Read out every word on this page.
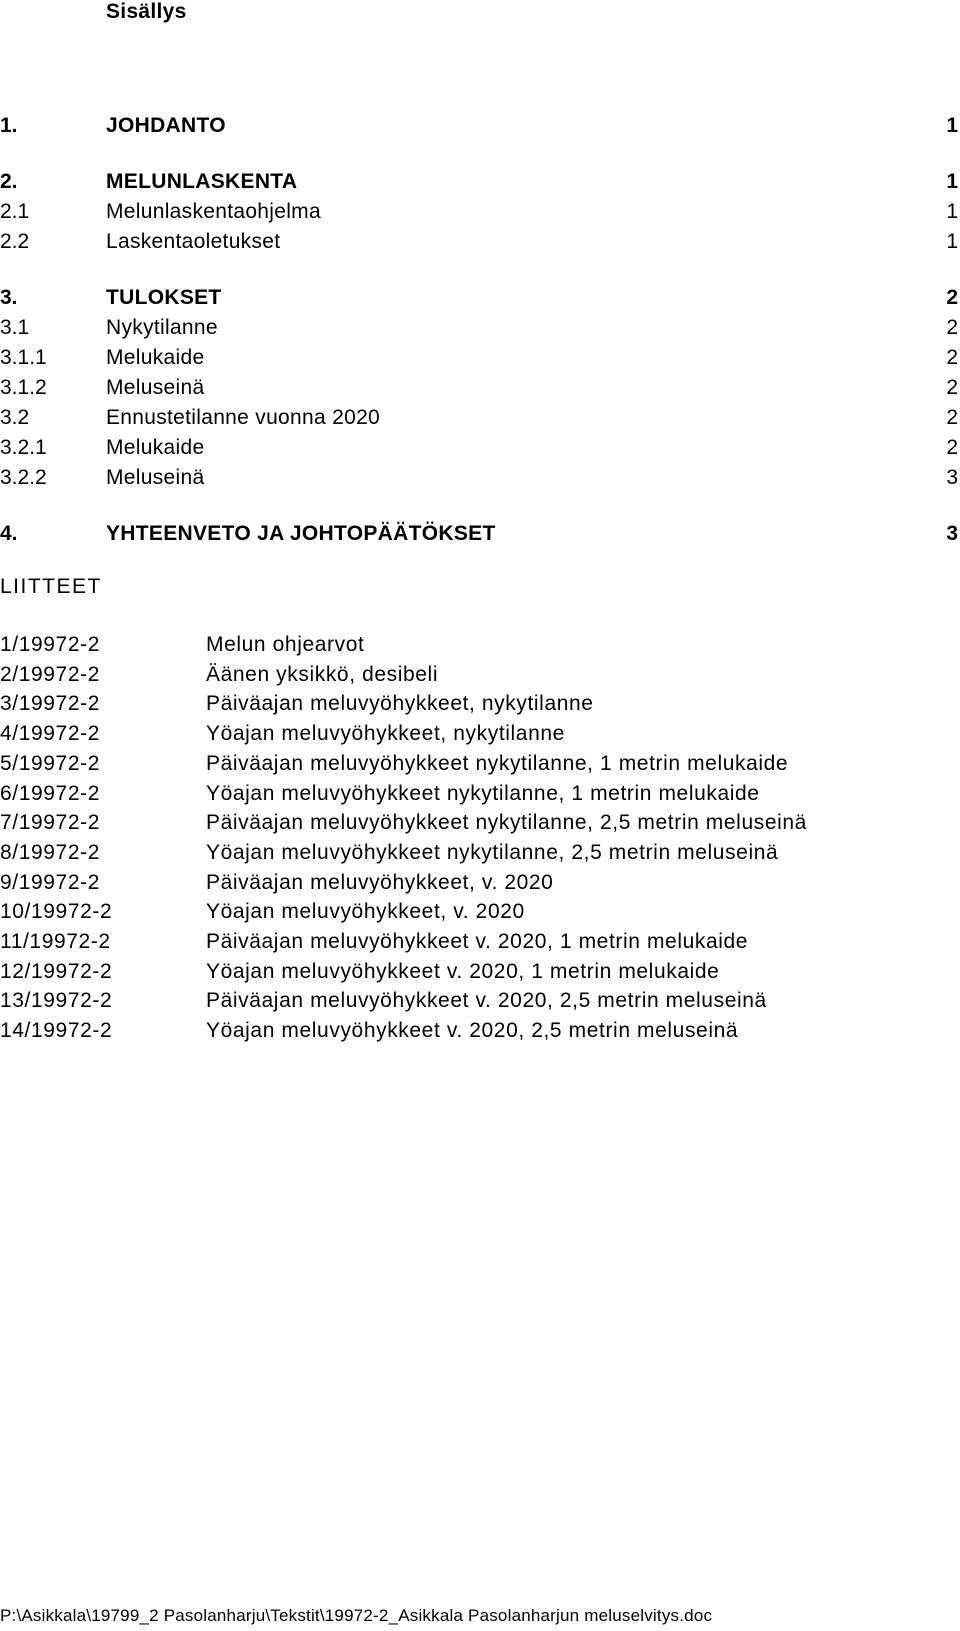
Sisällys
1.	JOHDANTO	1
2.	MELUNLASKENTA	1
2.1	Melunlaskentaohjelma	1
2.2	Laskentaoletukset	1
3.	TULOKSET	2
3.1	Nykytilanne	2
3.1.1	Melukaide	2
3.1.2	Meluseinä	2
3.2	Ennustetilanne vuonna 2020	2
3.2.1	Melukaide	2
3.2.2	Meluseinä	3
4.	YHTEENVETO JA JOHTOPÄÄTÖKSET	3
LIITTEET
1/19972-2	Melun ohjearvot
2/19972-2	Äänen yksikkö, desibeli
3/19972-2	Päiväajan meluvyöhykkeet, nykytilanne
4/19972-2	Yöajan meluvyöhykkeet, nykytilanne
5/19972-2	Päiväajan meluvyöhykkeet nykytilanne, 1 metrin melukaide
6/19972-2	Yöajan meluvyöhykkeet nykytilanne, 1 metrin melukaide
7/19972-2	Päiväajan meluvyöhykkeet nykytilanne, 2,5 metrin meluseinä
8/19972-2	Yöajan meluvyöhykkeet nykytilanne, 2,5 metrin meluseinä
9/19972-2	Päiväajan meluvyöhykkeet, v. 2020
10/19972-2	Yöajan meluvyöhykkeet, v. 2020
11/19972-2	Päiväajan meluvyöhykkeet v. 2020, 1 metrin melukaide
12/19972-2	Yöajan meluvyöhykkeet v. 2020, 1 metrin melukaide
13/19972-2	Päiväajan meluvyöhykkeet v. 2020, 2,5 metrin meluseinä
14/19972-2	Yöajan meluvyöhykkeet v. 2020, 2,5 metrin meluseinä
P:\Asikkala\19799_2 Pasolanharju\Tekstit\19972-2_Asikkala Pasolanharjun meluselvitys.doc
